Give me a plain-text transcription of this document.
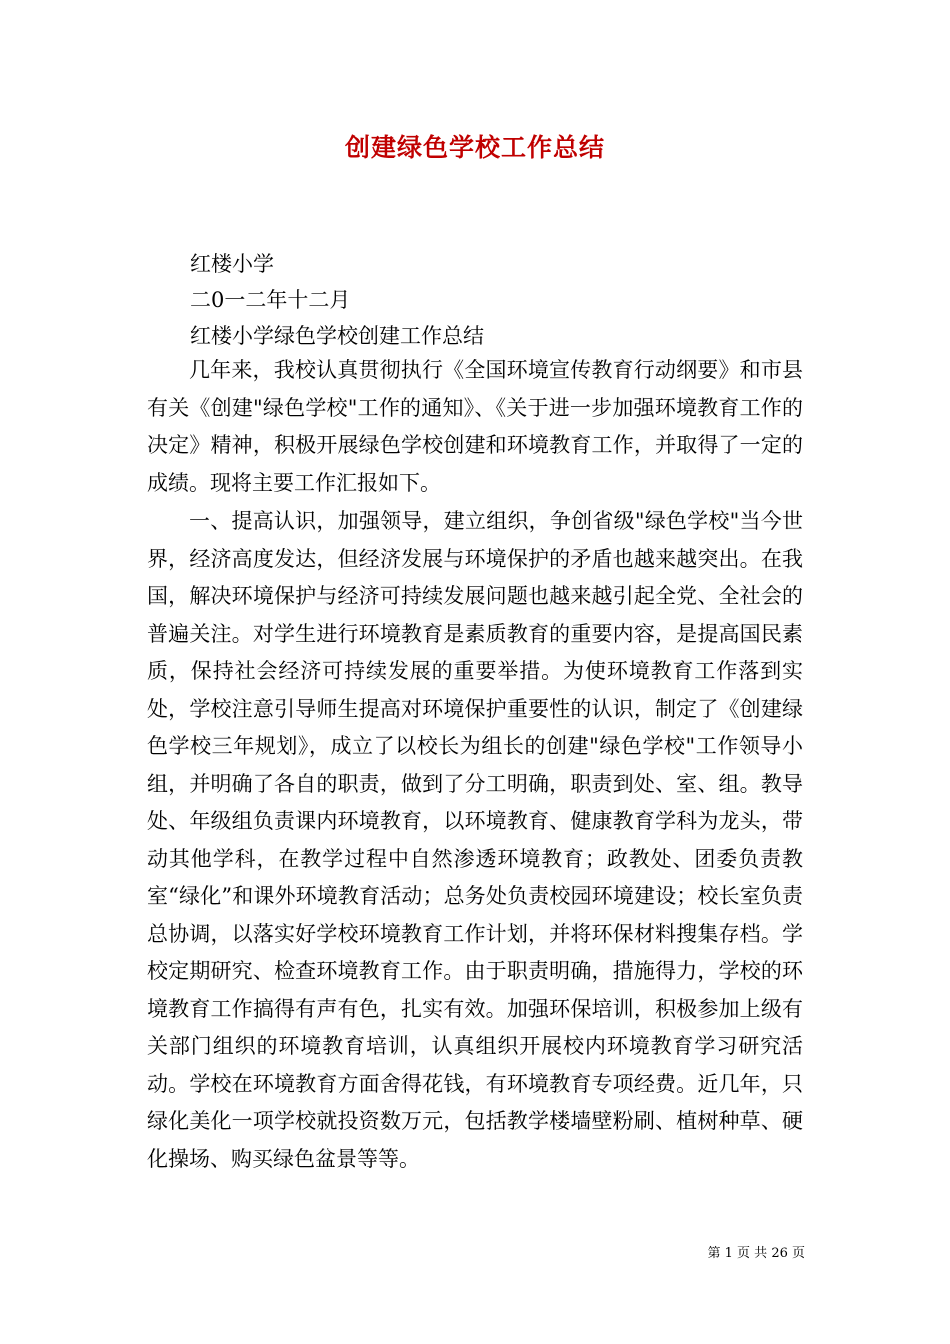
创建绿色学校工作总结
红楼小学
二0一二年十二月
红楼小学绿色学校创建工作总结

几年来，我校认真贯彻执行《全国环境宣传教育行动纲要》和市县有关《创建"绿色学校"工作的通知》、《关于进一步加强环境教育工作的决定》精神，积极开展绿色学校创建和环境教育工作，并取得了一定的成绩。现将主要工作汇报如下。

一、提高认识，加强领导，建立组织，争创省级"绿色学校"当今世界，经济高度发达，但经济发展与环境保护的矛盾也越来越突出。在我国，解决环境保护与经济可持续发展问题也越来越引起全党、全社会的普遍关注。对学生进行环境教育是素质教育的重要内容，是提高国民素质，保持社会经济可持续发展的重要举措。为使环境教育工作落到实处，学校注意引导师生提高对环境保护重要性的认识，制定了《创建绿色学校三年规划》，成立了以校长为组长的创建"绿色学校"工作领导小组，并明确了各自的职责，做到了分工明确，职责到处、室、组。教导处、年级组负责课内环境教育，以环境教育、健康教育学科为龙头，带动其他学科，在教学过程中自然渗透环境教育；政教处、团委负责教室“绿化”和课外环境教育活动；总务处负责校园环境建设；校长室负责总协调，以落实好学校环境教育工作计划，并将环保材料搜集存档。学校定期研究、检查环境教育工作。由于职责明确，措施得力，学校的环境教育工作搞得有声有色，扎实有效。加强环保培训，积极参加上级有关部门组织的环境教育培训，认真组织开展校内环境教育学习研究活动。学校在环境教育方面舍得花钱，有环境教育专项经费。近几年，只绿化美化一项学校就投资数万元，包括教学楼墙壁粉刷、植树种草、硬化操场、购买绿色盆景等等。

第 1 页 共 26 页
